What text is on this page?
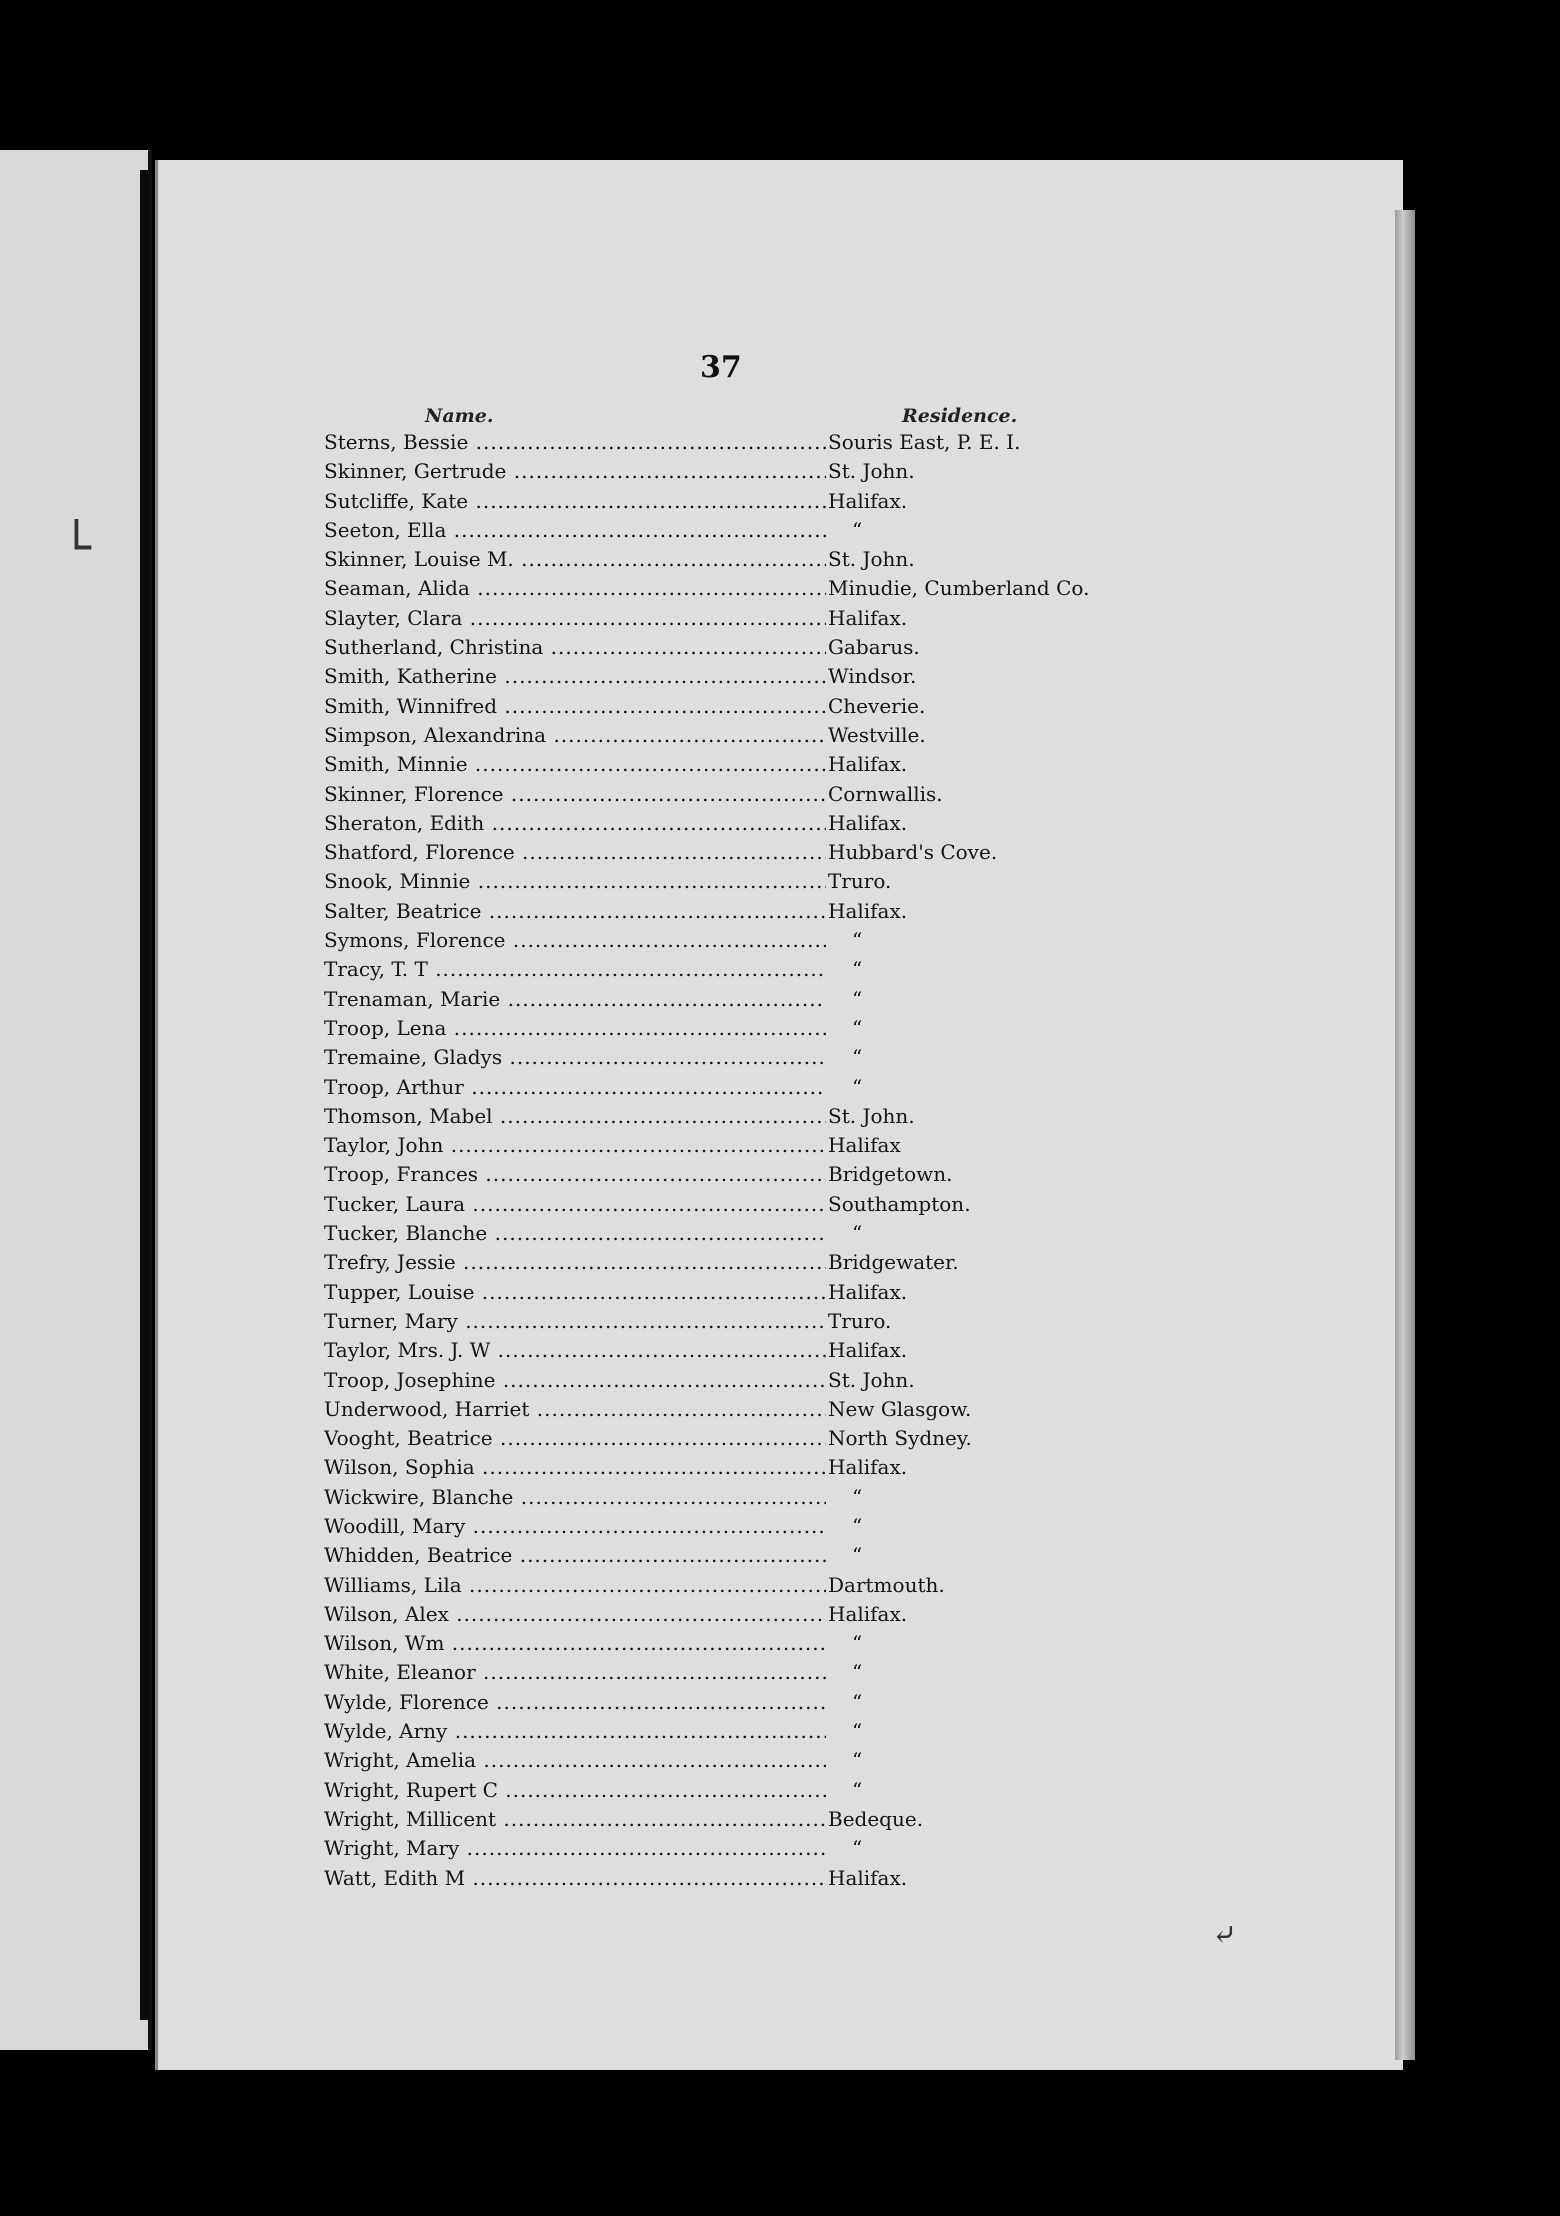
└
37
Name.	Residence.
Sterns, Bessie .....	Souris East, P. E. I.
Skinner, Gertrude .....	St. John.
Sutcliffe, Kate .....	Halifax.
Seeton, Ella .....	“
Skinner, Louise M. .....	St. John.
Seaman, Alida .....	Minudie, Cumberland Co.
Slayter, Clara .....	Halifax.
Sutherland, Christina .....	Gabarus.
Smith, Katherine .....	Windsor.
Smith, Winnifred .....	Cheverie.
Simpson, Alexandrina .....	Westville.
Smith, Minnie .....	Halifax.
Skinner, Florence .....	Cornwallis.
Sheraton, Edith .....	Halifax.
Shatford, Florence .....	Hubbard's Cove.
Snook, Minnie .....	Truro.
Salter, Beatrice .....	Halifax.
Symons, Florence .....	“
Tracy, T. T .....	“
Trenaman, Marie .....	“
Troop, Lena .....	“
Tremaine, Gladys .....	“
Troop, Arthur .....	“
Thomson, Mabel .....	St. John.
Taylor, John .....	Halifax
Troop, Frances .....	Bridgetown.
Tucker, Laura .....	Southampton.
Tucker, Blanche .....	“
Trefry, Jessie .....	Bridgewater.
Tupper, Louise .....	Halifax.
Turner, Mary .....	Truro.
Taylor, Mrs. J. W .....	Halifax.
Troop, Josephine .....	St. John.
Underwood, Harriet .....	New Glasgow.
Vooght, Beatrice .....	North Sydney.
Wilson, Sophia .....	Halifax.
Wickwire, Blanche .....	“
Woodill, Mary .....	“
Whidden, Beatrice .....	“
Williams, Lila .....	Dartmouth.
Wilson, Alex .....	Halifax.
Wilson, Wm .....	“
White, Eleanor .....	“
Wylde, Florence .....	“
Wylde, Arny .....	“
Wright, Amelia .....	“
Wright, Rupert C .....	“
Wright, Millicent .....	Bedeque.
Wright, Mary .....	“
Watt, Edith M .....	Halifax.
⤶
